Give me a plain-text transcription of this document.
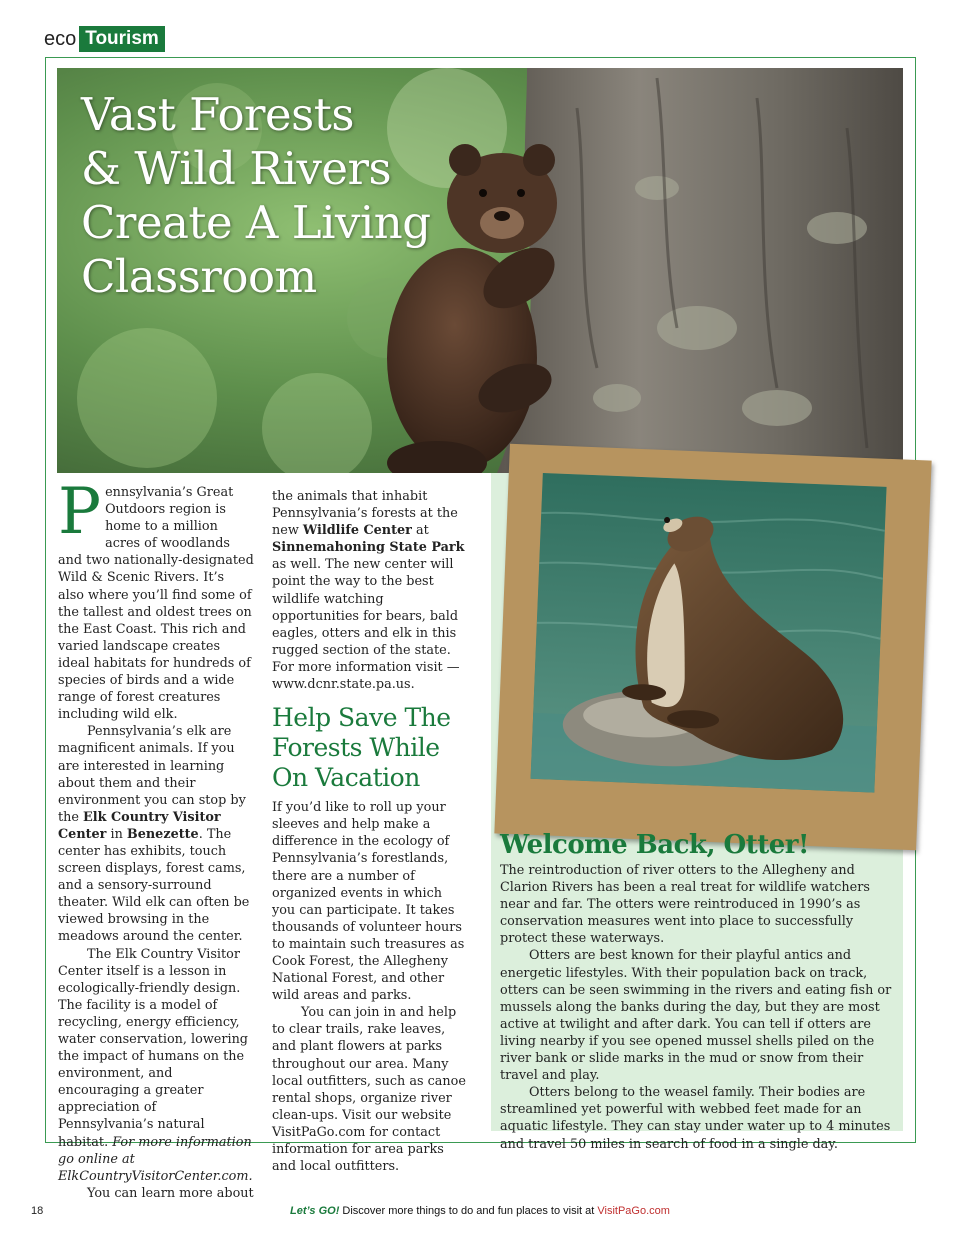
eco Tourism
Vast Forests
& Wild Rivers
Create A Living
Classroom

Pennsylvania’s Great Outdoors region is home to a million acres of woodlands and two nationally-designated Wild & Scenic Rivers. It’s also where you’ll find some of the tallest and oldest trees on the East Coast. This rich and varied landscape creates ideal habitats for hundreds of species of birds and a wide range of forest creatures including wild elk.

Pennsylvania’s elk are magnificent animals. If you are interested in learning about them and their environment you can stop by the Elk Country Visitor Center in Benezette. The center has exhibits, touch screen displays, forest cams, and a sensory-surround theater. Wild elk can often be viewed browsing in the meadows around the center.

The Elk Country Visitor Center itself is a lesson in ecologically-friendly design. The facility is a model of recycling, energy efficiency, water conservation, lowering the impact of humans on the environment, and encouraging a greater appreciation of Pennsylvania’s natural habitat. For more information go online at ElkCountryVisitorCenter.com.

You can learn more about

the animals that inhabit Pennsylvania’s forests at the new Wildlife Center at Sinnemahoning State Park as well. The new center will point the way to the best wildlife watching opportunities for bears, bald eagles, otters and elk in this rugged section of the state. For more information visit — www.dcnr.state.pa.us.

Help Save The Forests While On Vacation

If you’d like to roll up your sleeves and help make a difference in the ecology of Pennsylvania’s forestlands, there are a number of organized events in which you can participate. It takes thousands of volunteer hours to maintain such treasures as Cook Forest, the Allegheny National Forest, and other wild areas and parks.

You can join in and help to clear trails, rake leaves, and plant flowers at parks throughout our area. Many local outfitters, such as canoe rental shops, organize river clean-ups. Visit our website VisitPaGo.com for contact information for area parks and local outfitters.

Welcome Back, Otter!

The reintroduction of river otters to the Allegheny and Clarion Rivers has been a real treat for wildlife watchers near and far. The otters were reintroduced in 1990’s as conservation measures went into place to successfully protect these waterways.

Otters are best known for their playful antics and energetic lifestyles. With their population back on track, otters can be seen swimming in the rivers and eating fish or mussels along the banks during the day, but they are most active at twilight and after dark. You can tell if otters are living nearby if you see opened mussel shells piled on the river bank or slide marks in the mud or snow from their travel and play.

Otters belong to the weasel family. Their bodies are streamlined yet powerful with webbed feet made for an aquatic lifestyle. They can stay under water up to 4 minutes and travel 50 miles in search of food in a single day.

18	Let’s GO! Discover more things to do and fun places to visit at VisitPaGo.com
